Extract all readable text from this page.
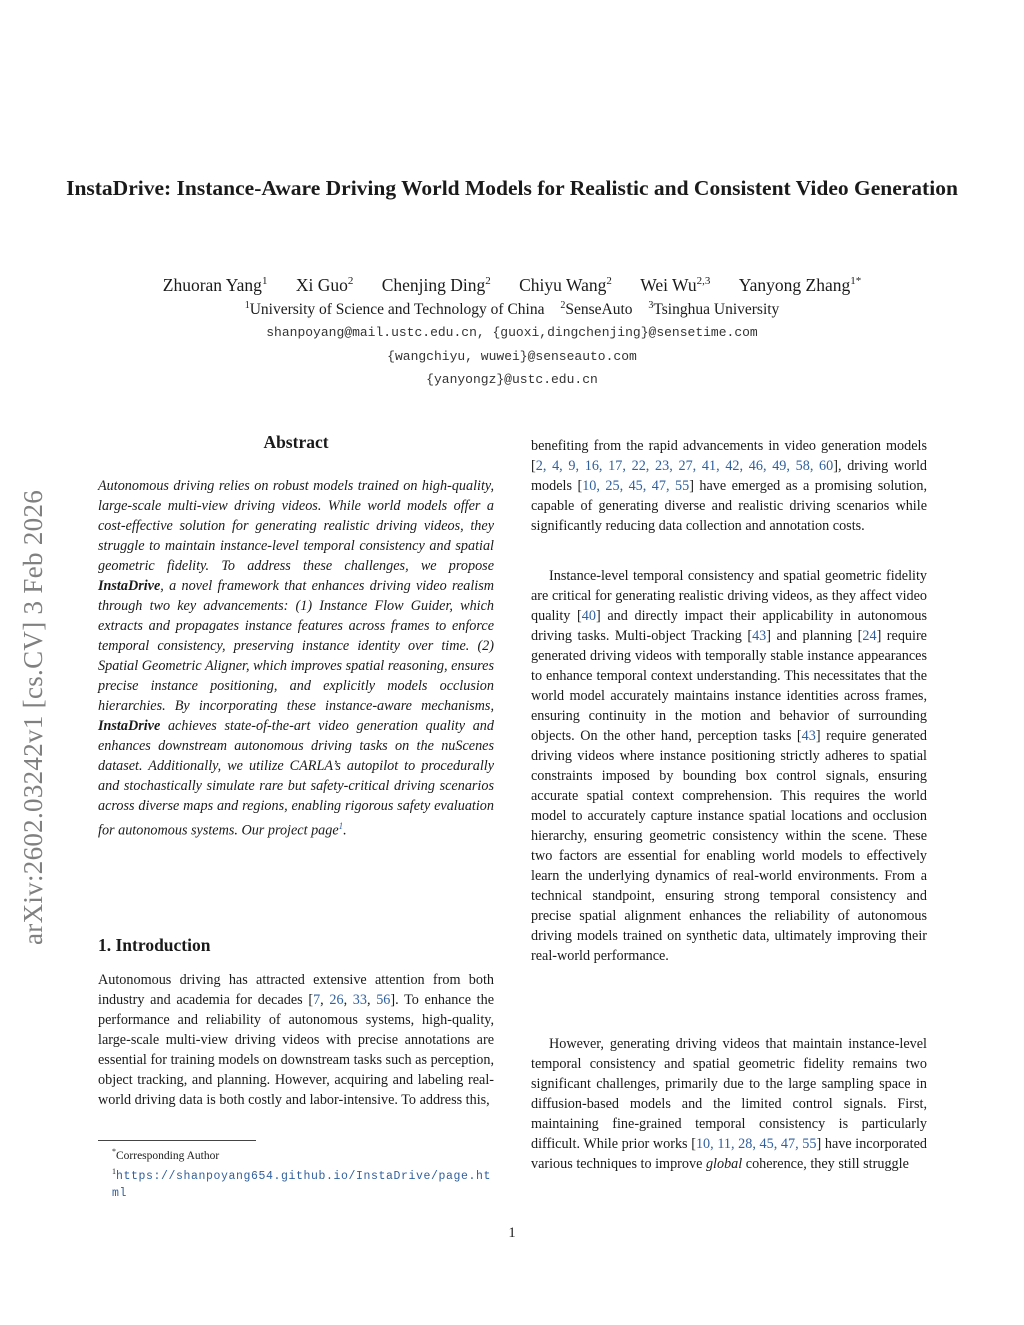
arXiv:2602.03242v1 [cs.CV] 3 Feb 2026
InstaDrive: Instance-Aware Driving World Models for Realistic and Consistent Video Generation
Zhuoran Yang$^1$ Xi Guo$^2$ Chenjing Ding$^2$ Chiyu Wang$^2$ Wei Wu$^{2,3}$ Yanyong Zhang$^{1*}$
$^1$University of Science and Technology of China $^2$SenseAuto $^3$Tsinghua University
shanpoyang@mail.ustc.edu.cn, {guoxi,dingchenjing}@sensetime.com
{wangchiyu, wuwei}@senseauto.com
{yanyongz}@ustc.edu.cn
Abstract
Autonomous driving relies on robust models trained on high-quality, large-scale multi-view driving videos. While world models offer a cost-effective solution for generating realistic driving videos, they struggle to maintain instance-level temporal consistency and spatial geometric fidelity. To address these challenges, we propose InstaDrive, a novel framework that enhances driving video realism through two key advancements: (1) Instance Flow Guider, which extracts and propagates instance features across frames to enforce temporal consistency, preserving instance identity over time. (2) Spatial Geometric Aligner, which improves spatial reasoning, ensures precise instance positioning, and explicitly models occlusion hierarchies. By incorporating these instance-aware mechanisms, InstaDrive achieves state-of-the-art video generation quality and enhances downstream autonomous driving tasks on the nuScenes dataset. Additionally, we utilize CARLA’s autopilot to procedurally and stochastically simulate rare but safety-critical driving scenarios across diverse maps and regions, enabling rigorous safety evaluation for autonomous systems. Our project page$^1$.
1. Introduction
Autonomous driving has attracted extensive attention from both industry and academia for decades [7, 26, 33, 56]. To enhance the performance and reliability of autonomous systems, high-quality, large-scale multi-view driving videos with precise annotations are essential for training models on downstream tasks such as perception, object tracking, and planning. However, acquiring and labeling real-world driving data is both costly and labor-intensive. To address this,
*Corresponding Author
$^1$https://shanpoyang654.github.io/InstaDrive/page.html
benefiting from the rapid advancements in video generation models [2, 4, 9, 16, 17, 22, 23, 27, 41, 42, 46, 49, 58, 60], driving world models [10, 25, 45, 47, 55] have emerged as a promising solution, capable of generating diverse and realistic driving scenarios while significantly reducing data collection and annotation costs.
Instance-level temporal consistency and spatial geometric fidelity are critical for generating realistic driving videos, as they affect video quality [40] and directly impact their applicability in autonomous driving tasks. Multi-object Tracking [43] and planning [24] require generated driving videos with temporally stable instance appearances to enhance temporal context understanding. This necessitates that the world model accurately maintains instance identities across frames, ensuring continuity in the motion and behavior of surrounding objects. On the other hand, perception tasks [43] require generated driving videos where instance positioning strictly adheres to spatial constraints imposed by bounding box control signals, ensuring accurate spatial context comprehension. This requires the world model to accurately capture instance spatial locations and occlusion hierarchy, ensuring geometric consistency within the scene. These two factors are essential for enabling world models to effectively learn the underlying dynamics of real-world environments. From a technical standpoint, ensuring strong temporal consistency and precise spatial alignment enhances the reliability of autonomous driving models trained on synthetic data, ultimately improving their real-world performance.
However, generating driving videos that maintain instance-level temporal consistency and spatial geometric fidelity remains two significant challenges, primarily due to the large sampling space in diffusion-based models and the limited control signals. First, maintaining fine-grained temporal consistency is particularly difficult. While prior works [10, 11, 28, 45, 47, 55] have incorporated various techniques to improve global coherence, they still struggle
1
